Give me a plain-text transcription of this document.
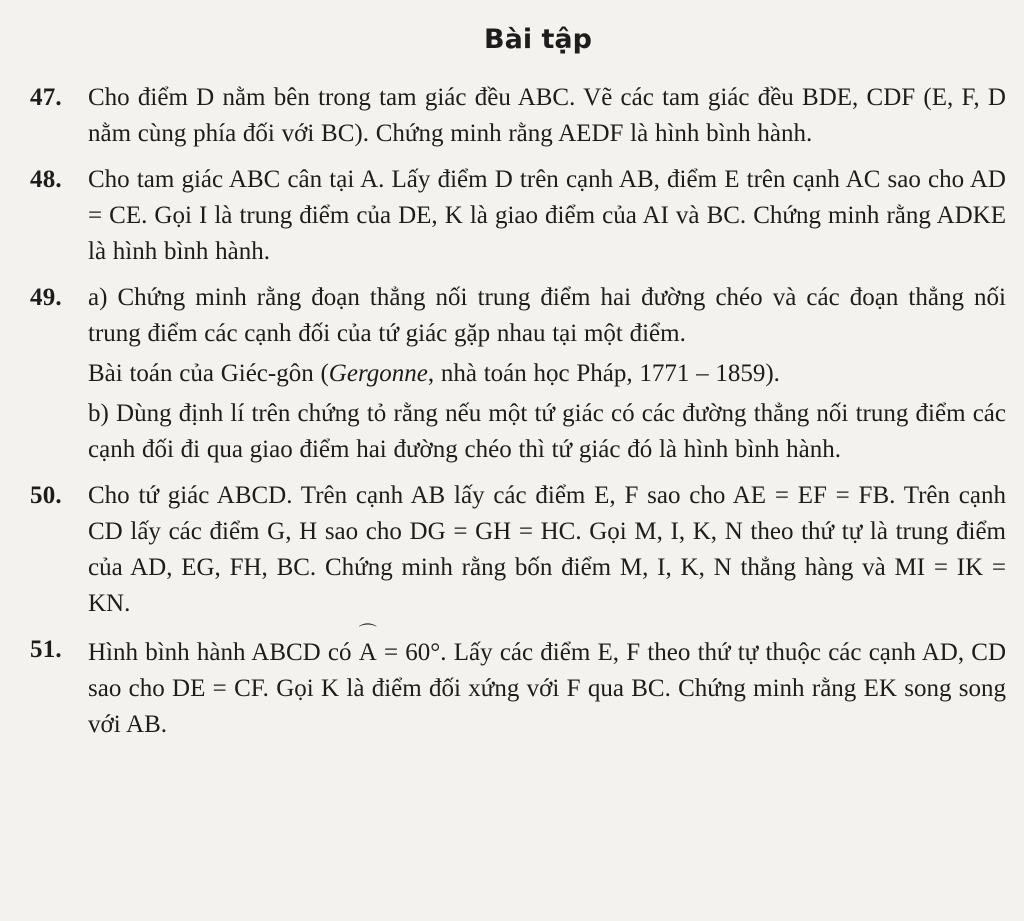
Bài tập
47.	Cho điểm D nằm bên trong tam giác đều ABC. Vẽ các tam giác đều BDE, CDF (E, F, D nằm cùng phía đối với BC). Chứng minh rằng AEDF là hình bình hành.

48.	Cho tam giác ABC cân tại A. Lấy điểm D trên cạnh AB, điểm E trên cạnh AC sao cho AD = CE. Gọi I là trung điểm của DE, K là giao điểm của AI và BC. Chứng minh rằng ADKE là hình bình hành.

49.	a) Chứng minh rằng đoạn thẳng nối trung điểm hai đường chéo và các đoạn thẳng nối trung điểm các cạnh đối của tứ giác gặp nhau tại một điểm.

Bài toán của Giéc-gôn (Gergonne, nhà toán học Pháp, 1771 – 1859).

b) Dùng định lí trên chứng tỏ rằng nếu một tứ giác có các đường thẳng nối trung điểm các cạnh đối đi qua giao điểm hai đường chéo thì tứ giác đó là hình bình hành.

50.	Cho tứ giác ABCD. Trên cạnh AB lấy các điểm E, F sao cho AE = EF = FB. Trên cạnh CD lấy các điểm G, H sao cho DG = GH = HC. Gọi M, I, K, N theo thứ tự là trung điểm của AD, EG, FH, BC. Chứng minh rằng bốn điểm M, I, K, N thẳng hàng và MI = IK = KN.

51.	Hình bình hành ABCD có
⌒
A = 60°. Lấy các điểm E, F theo thứ tự thuộc các cạnh AD, CD sao cho DE = CF. Gọi K là điểm đối xứng với F qua BC. Chứng minh rằng EK song song với AB.
